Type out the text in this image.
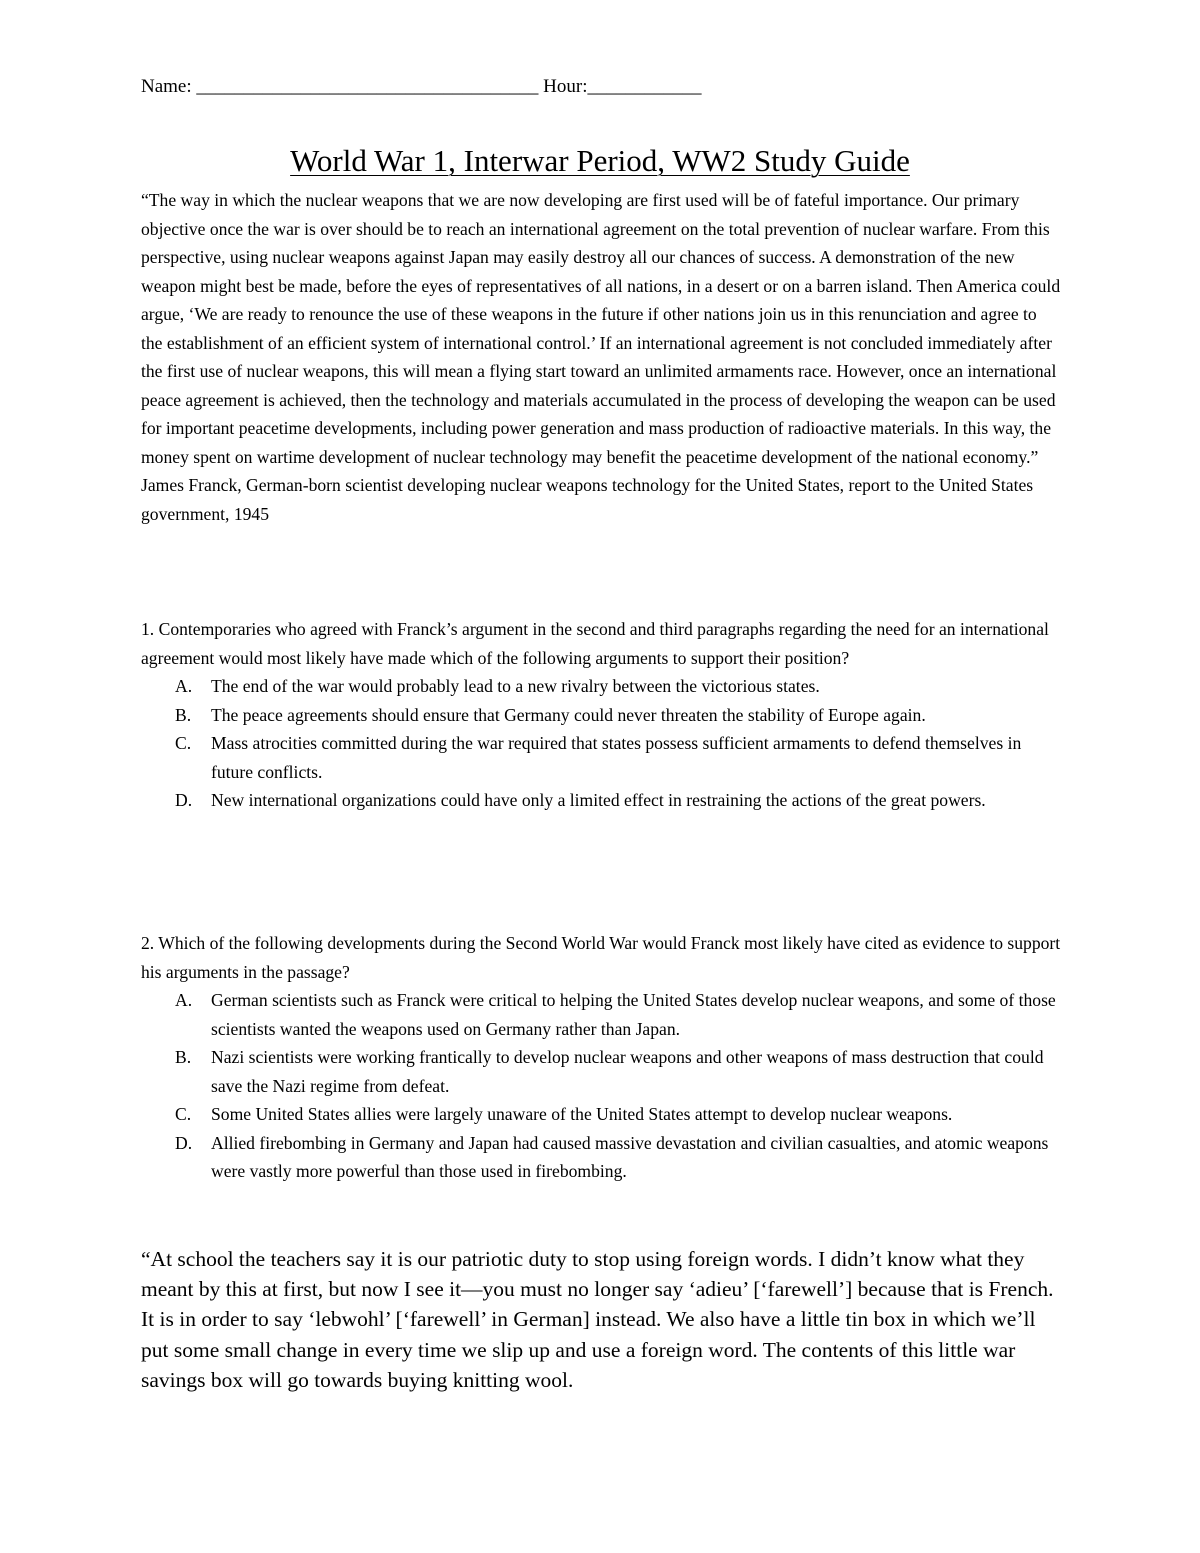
Name: ____________________________________ Hour:____________
World War 1, Interwar Period, WW2 Study Guide

“The way in which the nuclear weapons that we are now developing are first used will be of fateful importance. Our primary objective once the war is over should be to reach an international agreement on the total prevention of nuclear warfare. From this perspective, using nuclear weapons against Japan may easily destroy all our chances of success. A demonstration of the new weapon might best be made, before the eyes of representatives of all nations, in a desert or on a barren island. Then America could argue, ‘We are ready to renounce the use of these weapons in the future if other nations join us in this renunciation and agree to the establishment of an efficient system of international control.’ If an international agreement is not concluded immediately after the first use of nuclear weapons, this will mean a flying start toward an unlimited armaments race. However, once an international peace agreement is achieved, then the technology and materials accumulated in the process of developing the weapon can be used for important peacetime developments, including power generation and mass production of radioactive materials. In this way, the money spent on wartime development of nuclear technology may benefit the peacetime development of the national economy.” James Franck, German-born scientist developing nuclear weapons technology for the United States, report to the United States government, 1945

1. Contemporaries who agreed with Franck’s argument in the second and third paragraphs regarding the need for an international agreement would most likely have made which of the following arguments to support their position?

A.	The end of the war would probably lead to a new rivalry between the victorious states.
B.	The peace agreements should ensure that Germany could never threaten the stability of Europe again.
C.	Mass atrocities committed during the war required that states possess sufficient armaments to defend themselves in future conflicts.
D.	New international organizations could have only a limited effect in restraining the actions of the great powers.

2. Which of the following developments during the Second World War would Franck most likely have cited as evidence to support his arguments in the passage?

A.	German scientists such as Franck were critical to helping the United States develop nuclear weapons, and some of those scientists wanted the weapons used on Germany rather than Japan.
B.	Nazi scientists were working frantically to develop nuclear weapons and other weapons of mass destruction that could save the Nazi regime from defeat.
C.	Some United States allies were largely unaware of the United States attempt to develop nuclear weapons.
D.	Allied firebombing in Germany and Japan had caused massive devastation and civilian casualties, and atomic weapons were vastly more powerful than those used in firebombing.

“At school the teachers say it is our patriotic duty to stop using foreign words. I didn’t know what they meant by this at first, but now I see it—you must no longer say ‘adieu’ [‘farewell’] because that is French. It is in order to say ‘lebwohl’ [‘farewell’ in German] instead. We also have a little tin box in which we’ll put some small change in every time we slip up and use a foreign word. The contents of this little war savings box will go towards buying knitting wool.
